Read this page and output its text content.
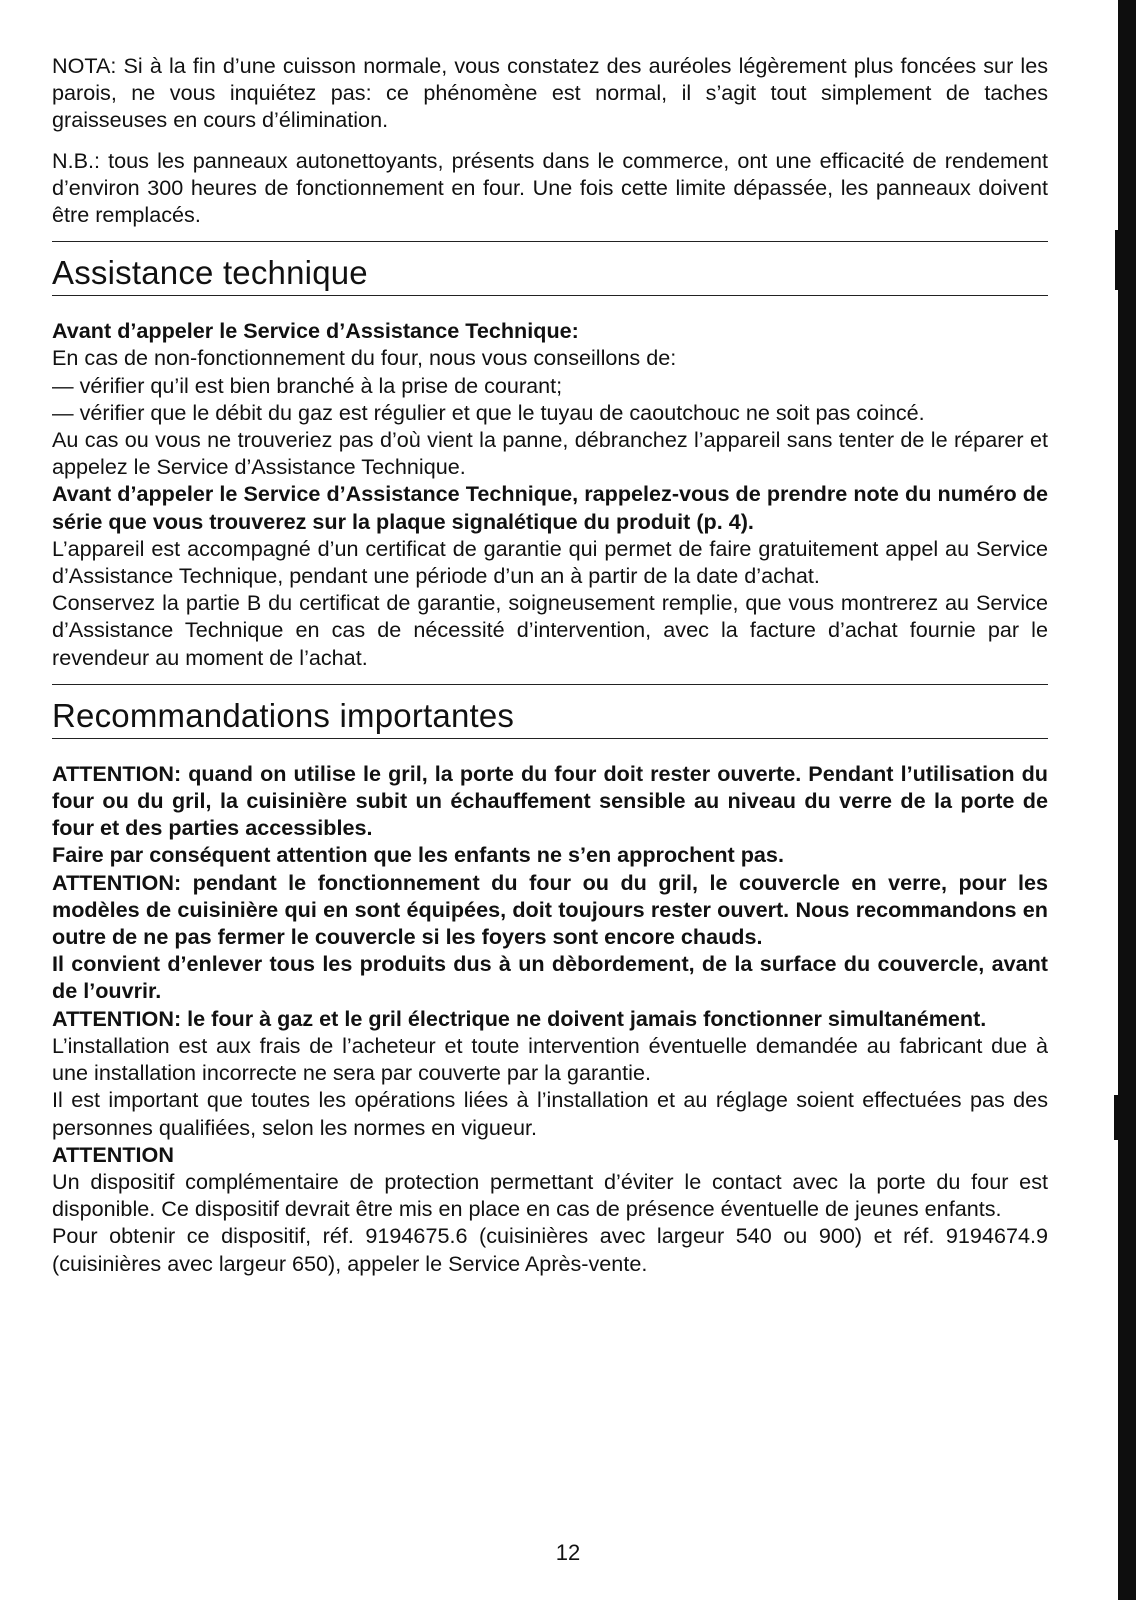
NOTA: Si à la fin d’une cuisson normale, vous constatez des auréoles légèrement plus foncées sur les parois, ne vous inquiétez pas: ce phénomène est normal, il s’agit tout simplement de taches graisseuses en cours d’élimination.

N.B.: tous les panneaux autonettoyants, présents dans le commerce, ont une efficacité de rendement d’environ 300 heures de fonctionnement en four. Une fois cette limite dépassée, les panneaux doivent être remplacés.

Assistance technique

Avant d’appeler le Service d’Assistance Technique:

En cas de non-fonctionnement du four, nous vous conseillons de:

— vérifier qu’il est bien branché à la prise de courant;

— vérifier que le débit du gaz est régulier et que le tuyau de caoutchouc ne soit pas coincé.

Au cas ou vous ne trouveriez pas d’où vient la panne, débranchez l’appareil sans tenter de le réparer et appelez le Service d’Assistance Technique.

Avant d’appeler le Service d’Assistance Technique, rappelez-vous de prendre note du numéro de série que vous trouverez sur la plaque signalétique du produit (p. 4).

L’appareil est accompagné d’un certificat de garantie qui permet de faire gratuitement appel au Service d’Assistance Technique, pendant une période d’un an à partir de la date d’achat.

Conservez la partie B du certificat de garantie, soigneusement remplie, que vous montrerez au Service d’Assistance Technique en cas de nécessité d’intervention, avec la facture d’achat fournie par le revendeur au moment de l’achat.

Recommandations importantes

ATTENTION: quand on utilise le gril, la porte du four doit rester ouverte. Pendant l’utilisation du four ou du gril, la cuisinière subit un échauffement sensible au niveau du verre de la porte de four et des parties accessibles.

Faire par conséquent attention que les enfants ne s’en approchent pas.

ATTENTION: pendant le fonctionnement du four ou du gril, le couvercle en verre, pour les modèles de cuisinière qui en sont équipées, doit toujours rester ouvert. Nous recommandons en outre de ne pas fermer le couvercle si les foyers sont encore chauds.

Il convient d’enlever tous les produits dus à un dèbordement, de la surface du couvercle, avant de l’ouvrir.

ATTENTION: le four à gaz et le gril électrique ne doivent jamais fonctionner simultanément.

L’installation est aux frais de l’acheteur et toute intervention éventuelle demandée au fabricant due à une installation incorrecte ne sera par couverte par la garantie.

Il est important que toutes les opérations liées à l’installation et au réglage soient effectuées pas des personnes qualifiées, selon les normes en vigueur.

ATTENTION

Un dispositif complémentaire de protection permettant d’éviter le contact avec la porte du four est disponible. Ce dispositif devrait être mis en place en cas de présence éventuelle de jeunes enfants.

Pour obtenir ce dispositif, réf. 9194675.6 (cuisinières avec largeur 540 ou 900) et réf. 9194674.9 (cuisinières avec largeur 650), appeler le Service Après-vente.

12
